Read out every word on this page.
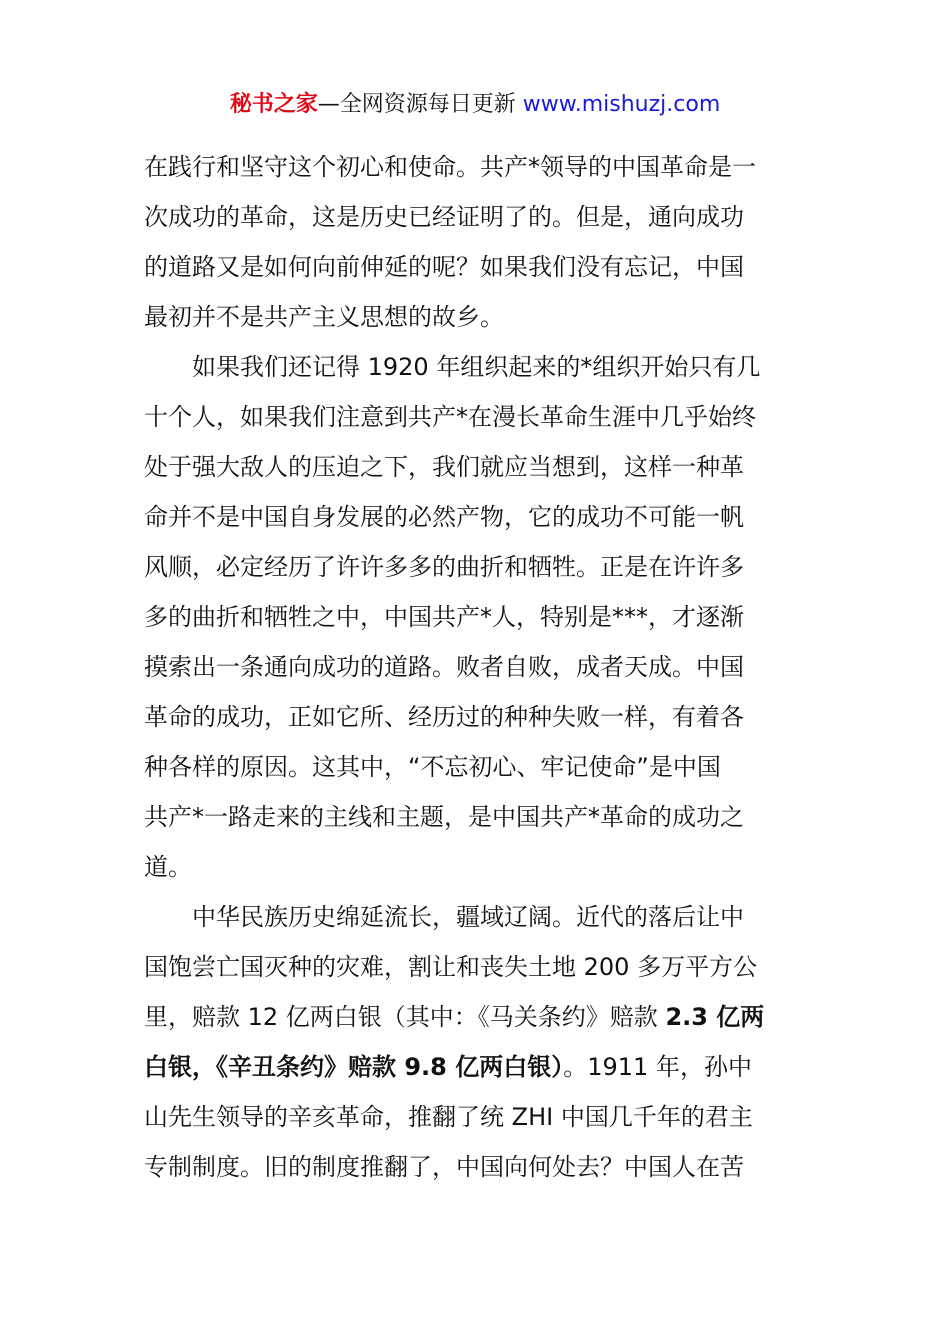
秘书之家—全网资源每日更新 www.mishuzj.com
在践行和坚守这个初心和使命。共产*领导的中国革命是一
次成功的革命，这是历史已经证明了的。但是，通向成功
的道路又是如何向前伸延的呢？如果我们没有忘记，中国
最初并不是共产主义思想的故乡。
如果我们还记得 1920 年组织起来的*组织开始只有几
十个人，如果我们注意到共产*在漫长革命生涯中几乎始终
处于强大敌人的压迫之下，我们就应当想到，这样一种革
命并不是中国自身发展的必然产物，它的成功不可能一帆
风顺，必定经历了许许多多的曲折和牺牲。正是在许许多
多的曲折和牺牲之中，中国共产*人，特别是***，才逐渐
摸索出一条通向成功的道路。败者自败，成者天成。中国
革命的成功，正如它所、经历过的种种失败一样，有着各
种各样的原因。这其中，“不忘初心、牢记使命”是中国
共产*一路走来的主线和主题，是中国共产*革命的成功之
道。
中华民族历史绵延流长，疆域辽阔。近代的落后让中
国饱尝亡国灭种的灾难，割让和丧失土地 200 多万平方公
里，赔款 12 亿两白银（其中：《马关条约》赔款 2.3 亿两
白银，《辛丑条约》赔款 9.8 亿两白银）。1911 年，孙中
山先生领导的辛亥革命，推翻了统 ZHI 中国几千年的君主
专制制度。旧的制度推翻了，中国向何处去？中国人在苦
